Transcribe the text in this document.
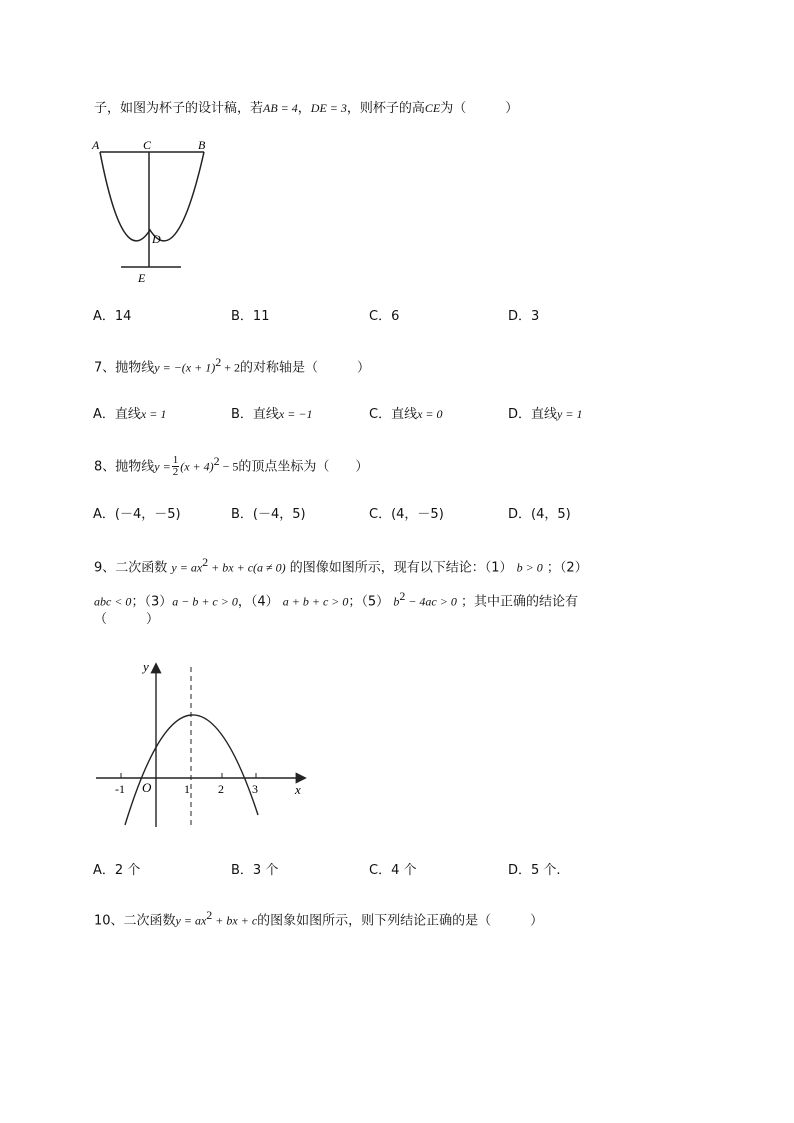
子，如图为杯子的设计稿，若AB = 4，DE = 3，则杯子的高CE为（　　　）
A	C	B
D
E
A．14	B．11	C．6	D．3
7、抛物线$y = -(x + 1)^2 + 2$的对称轴是（　　　）
A．直线x = 1	B．直线x = −1	C．直线x = 0	D．直线y = 1
8、抛物线$y = \frac{1}{2} (x + 4)^2 - 5$的顶点坐标为（　　）
A．(－4，－5)	B．(－4，5)	C．(4，－5)	D．(4，5)
9、二次函数 $y = ax^2$ + bx + c(a ≠ 0) 的图像如图所示，现有以下结论：（1） b > 0 ；（2）
abc < 0；（3）a − b + c > 0，（4） a + b + c > 0；（5） $b^2 - 4ac > 0$ ；其中正确的结论有
（　　　）
y
x
O
-1	1 2 3
A．2 个	B．3 个	C．4 个	D．5 个.
10、二次函数$y = ax^2$ + bx + c的图象如图所示，则下列结论正确的是（　　　）
